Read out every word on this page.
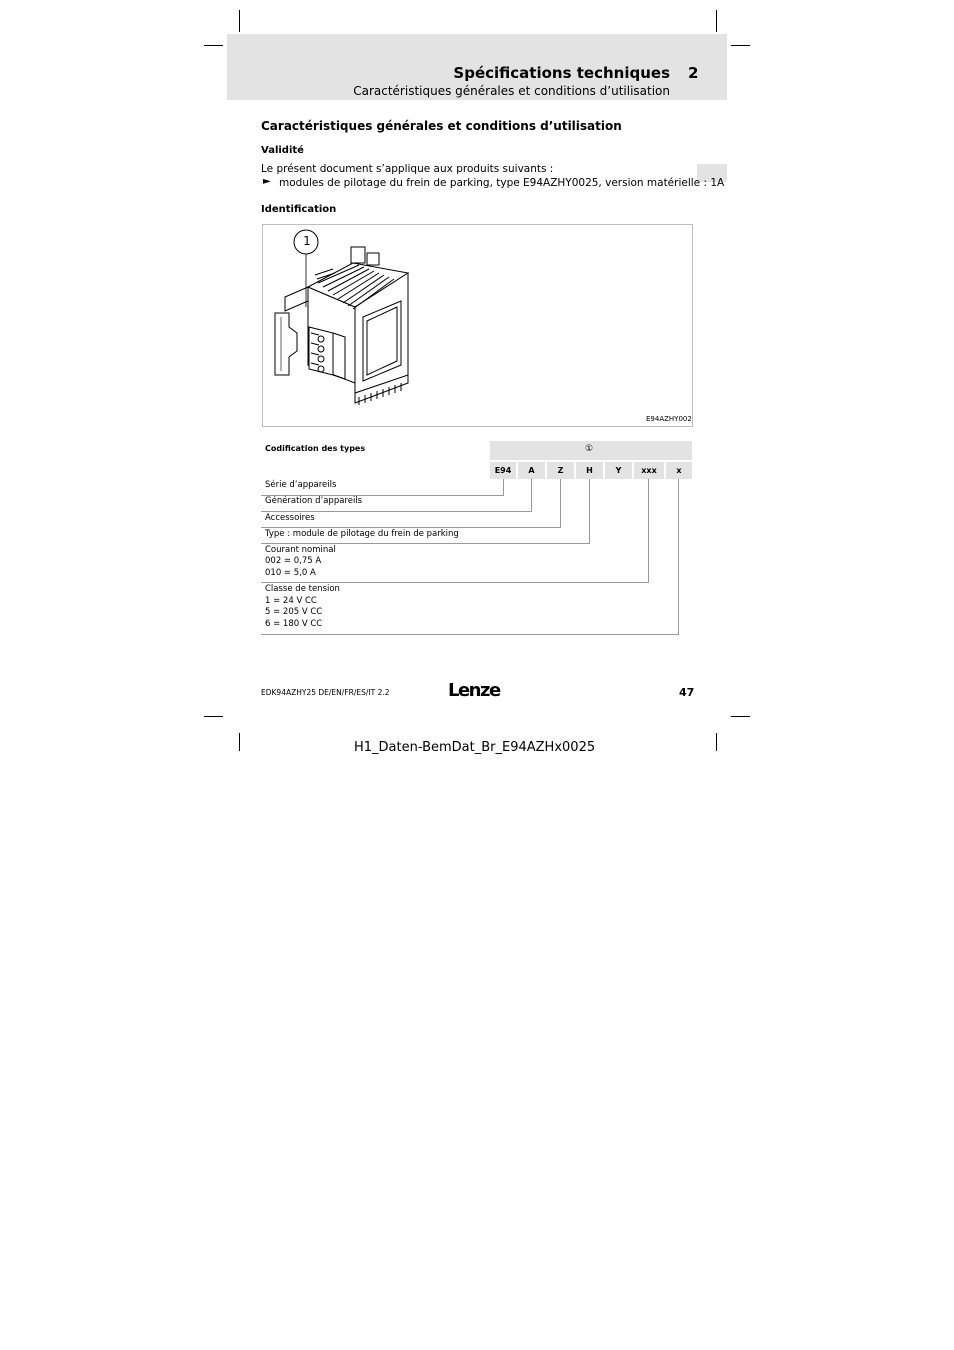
Spécifications techniques 2
Caractéristiques générales et conditions d’utilisation
Caractéristiques générales et conditions d’utilisation
Validité
Le présent document s’applique aux produits suivants :
► modules de pilotage du frein de parking, type E94AZHY0025, version matérielle : 1A
Identification
1
E94AZHY002
Codification des types	①
E94	A	Z	H	Y	xxx	x
Série d’appareils
Génération d’appareils
Accessoires
Type : module de pilotage du frein de parking
Courant nominal
002 = 0,75 A
010 = 5,0 A
Classe de tension
1 = 24 V CC
5 = 205 V CC
6 = 180 V CC
EDK94AZHY25 DE/EN/FR/ES/IT 2.2	Lenze	47
H1_Daten-BemDat_Br_E94AZHx0025
